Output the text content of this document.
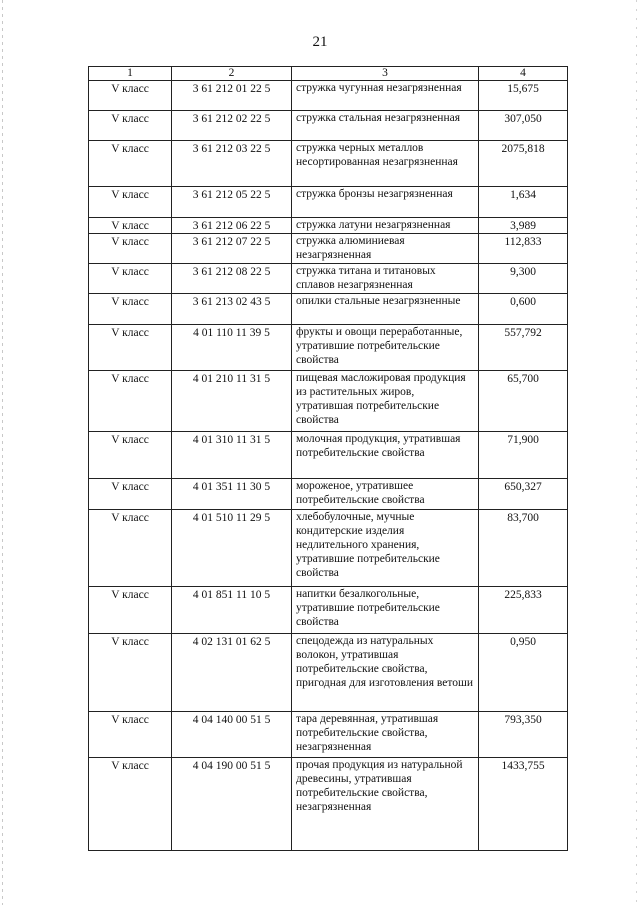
21
1	2	3	4
V класс	3 61 212 01 22 5	стружка чугунная незагрязненная	15,675
V класс	3 61 212 02 22 5	стружка стальная незагрязненная	307,050
V класс	3 61 212 03 22 5	стружка черных металлов несортированная незагрязненная	2075,818
V класс	3 61 212 05 22 5	стружка бронзы незагрязненная	1,634
V класс	3 61 212 06 22 5	стружка латуни незагрязненная	3,989
V класс	3 61 212 07 22 5	стружка алюминиевая незагрязненная	112,833
V класс	3 61 212 08 22 5	стружка титана и титановых сплавов незагрязненная	9,300
V класс	3 61 213 02 43 5	опилки стальные незагрязненные	0,600
V класс	4 01 110 11 39 5	фрукты и овощи переработанные, утратившие потребительские свойства	557,792
V класс	4 01 210 11 31 5	пищевая масложировая продукция из растительных жиров, утратившая потребительские свойства	65,700
V класс	4 01 310 11 31 5	молочная продукция, утратившая потребительские свойства	71,900
V класс	4 01 351 11 30 5	мороженое, утратившее потребительские свойства	650,327
V класс	4 01 510 11 29 5	хлебобулочные, мучные кондитерские изделия недлительного хранения, утратившие потребительские свойства	83,700
V класс	4 01 851 11 10 5	напитки безалкогольные, утратившие потребительские свойства	225,833
V класс	4 02 131 01 62 5	спецодежда из натуральных волокон, утратившая потребительские свойства, пригодная для изготовления ветоши	0,950
V класс	4 04 140 00 51 5	тара деревянная, утратившая потребительские свойства, незагрязненная	793,350
V класс	4 04 190 00 51 5	прочая продукция из натуральной древесины, утратившая потребительские свойства, незагрязненная	1433,755
